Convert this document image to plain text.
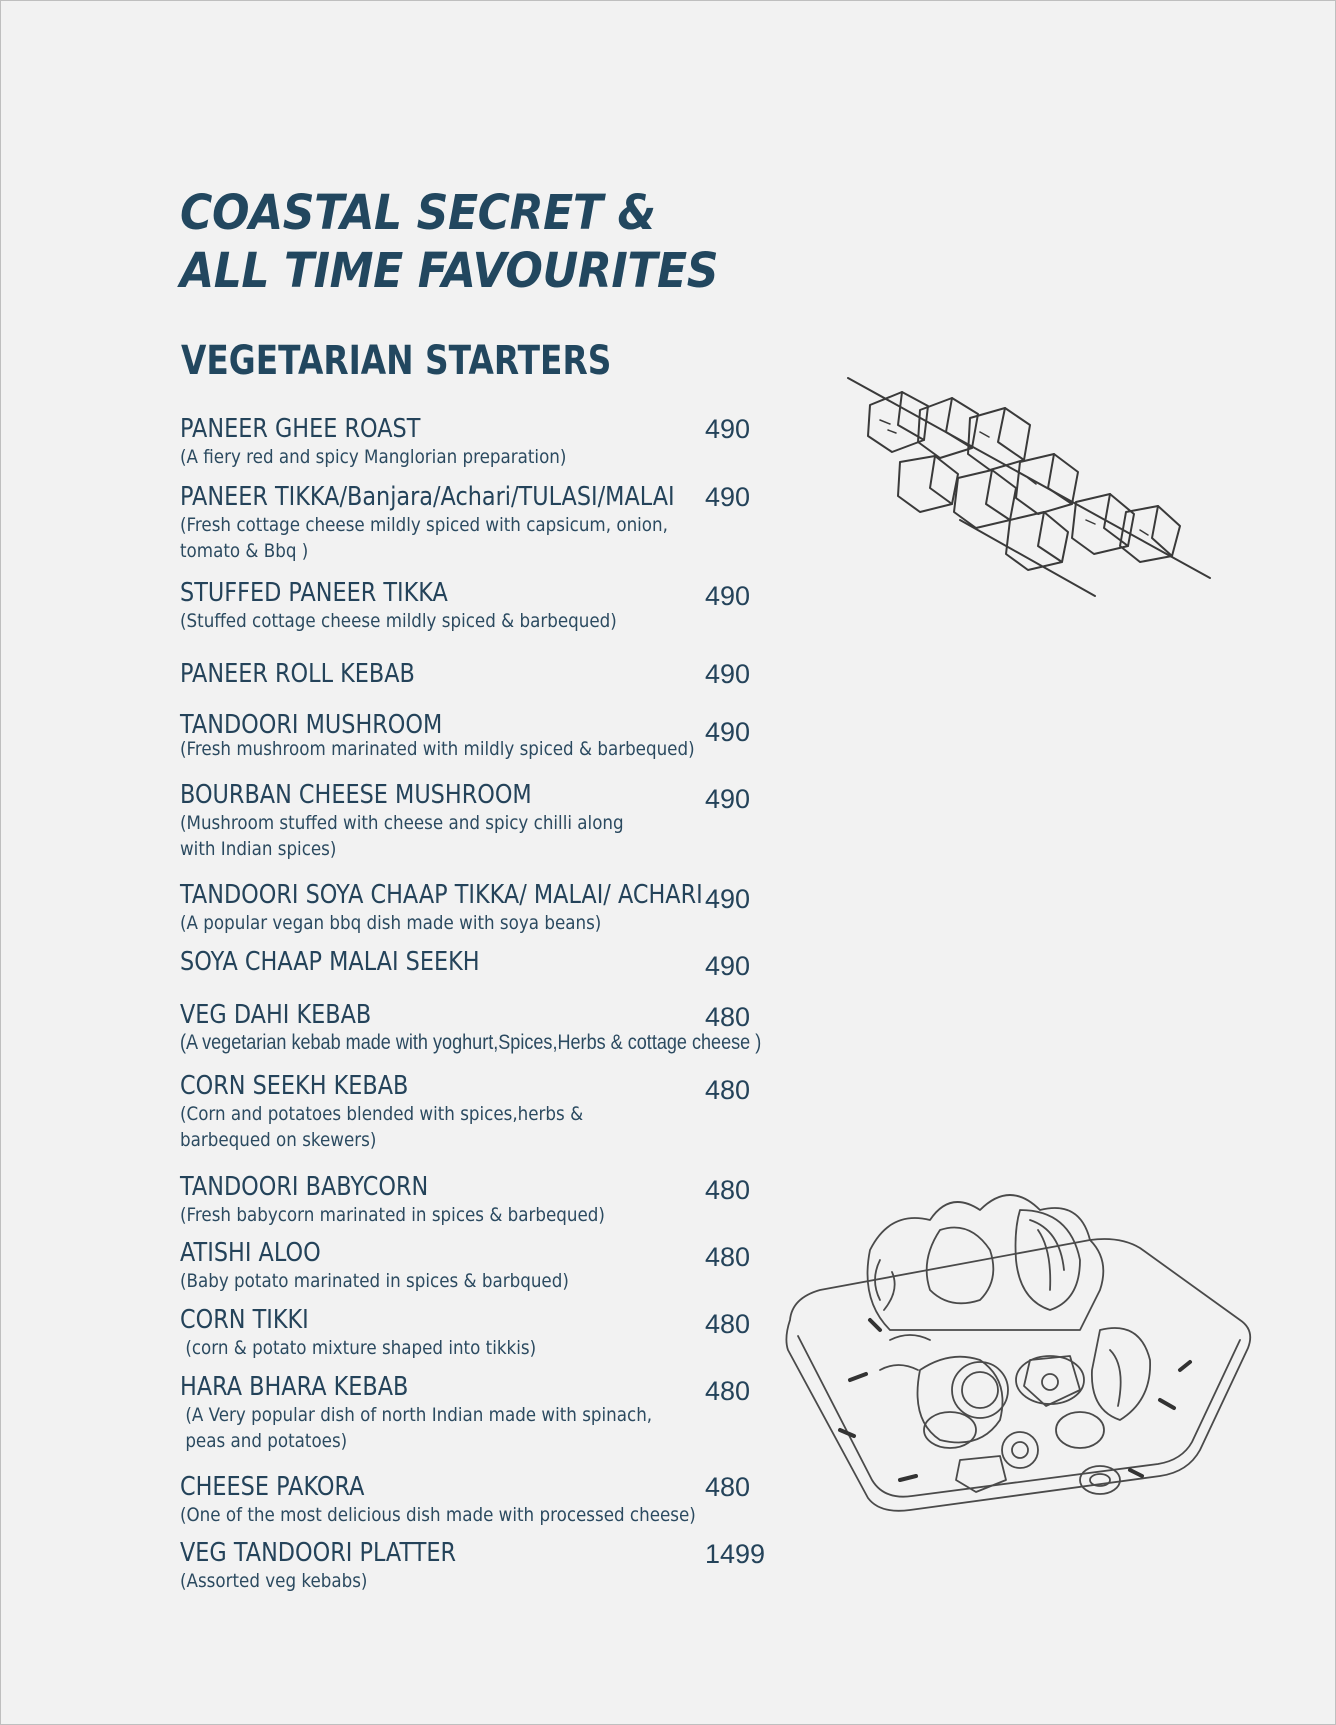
COASTAL SECRET &
ALL TIME FAVOURITES
VEGETARIAN STARTERS
PANEER GHEE ROAST
(A fiery red and spicy Manglorian preparation)
490
PANEER TIKKA/Banjara/Achari/TULASI/MALAI
(Fresh cottage cheese mildly spiced with capsicum, onion,
tomato & Bbq )
490
STUFFED PANEER TIKKA
(Stuffed cottage cheese mildly spiced & barbequed)
490
PANEER ROLL KEBAB	490
TANDOORI MUSHROOM
(Fresh mushroom marinated with mildly spiced & barbequed)
490
BOURBAN CHEESE MUSHROOM
(Mushroom stuffed with cheese and spicy chilli along
with Indian spices)
490
TANDOORI SOYA CHAAP TIKKA/ MALAI/ ACHARI
(A popular vegan bbq dish made with soya beans)
490
SOYA CHAAP MALAI SEEKH	490
VEG DAHI KEBAB
(A vegetarian kebab made with yoghurt,Spices,Herbs & cottage cheese )
480
CORN SEEKH KEBAB
(Corn and potatoes blended with spices,herbs &
barbequed on skewers)
480
TANDOORI BABYCORN
(Fresh babycorn marinated in spices & barbequed)
480
ATISHI ALOO
(Baby potato marinated in spices & barbqued)
480
CORN TIKKI
(corn & potato mixture shaped into tikkis)
480
HARA BHARA KEBAB
(A Very popular dish of north Indian made with spinach,
peas and potatoes)
480
CHEESE PAKORA
(One of the most delicious dish made with processed cheese)
480
VEG TANDOORI PLATTER
(Assorted veg kebabs)
1499
